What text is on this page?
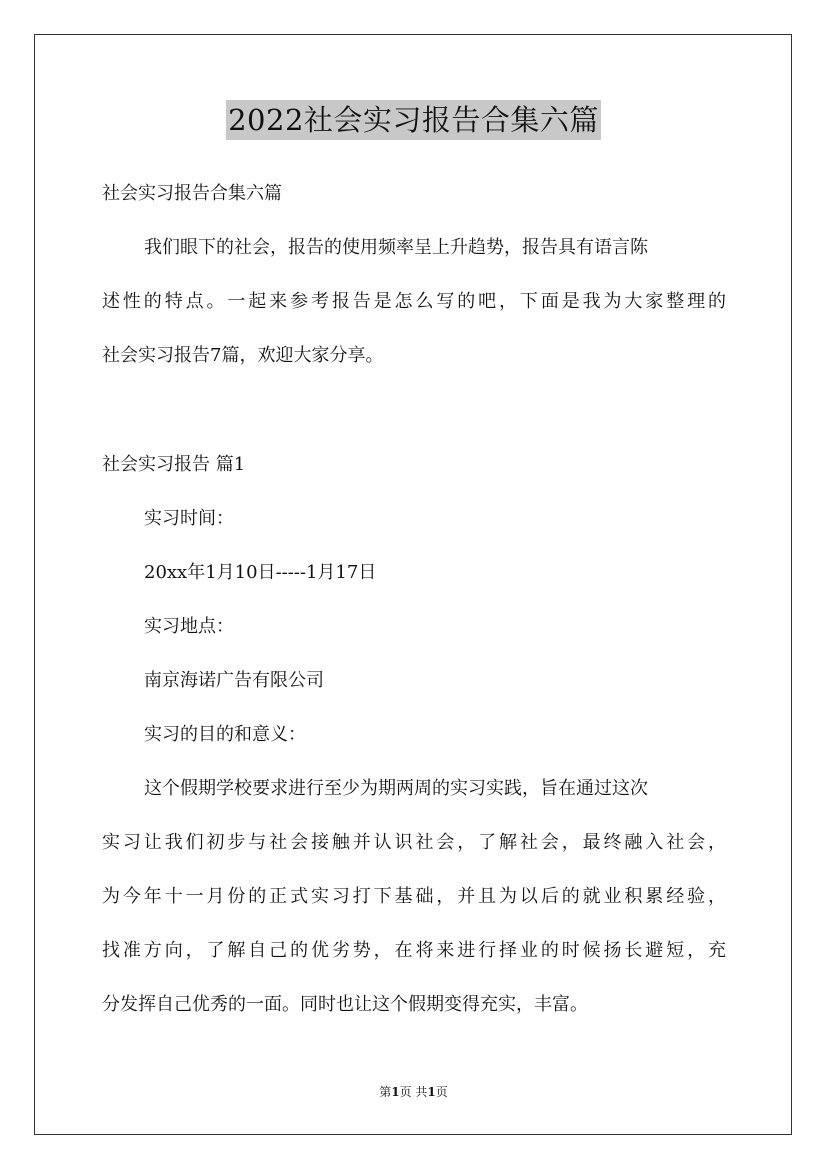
2022社会实习报告合集六篇
社会实习报告合集六篇
我们眼下的社会，报告的使用频率呈上升趋势，报告具有语言陈
述性的特点。一起来参考报告是怎么写的吧，下面是我为大家整理的
社会实习报告7篇，欢迎大家分享。
社会实习报告 篇1
实习时间：
20xx年1月10日-----1月17日
实习地点：
南京海诺广告有限公司
实习的目的和意义：
这个假期学校要求进行至少为期两周的实习实践，旨在通过这次
实习让我们初步与社会接触并认识社会，了解社会，最终融入社会，
为今年十一月份的正式实习打下基础，并且为以后的就业积累经验，
找准方向，了解自己的优劣势，在将来进行择业的时候扬长避短，充
分发挥自己优秀的一面。同时也让这个假期变得充实，丰富。
第1页 共1页
